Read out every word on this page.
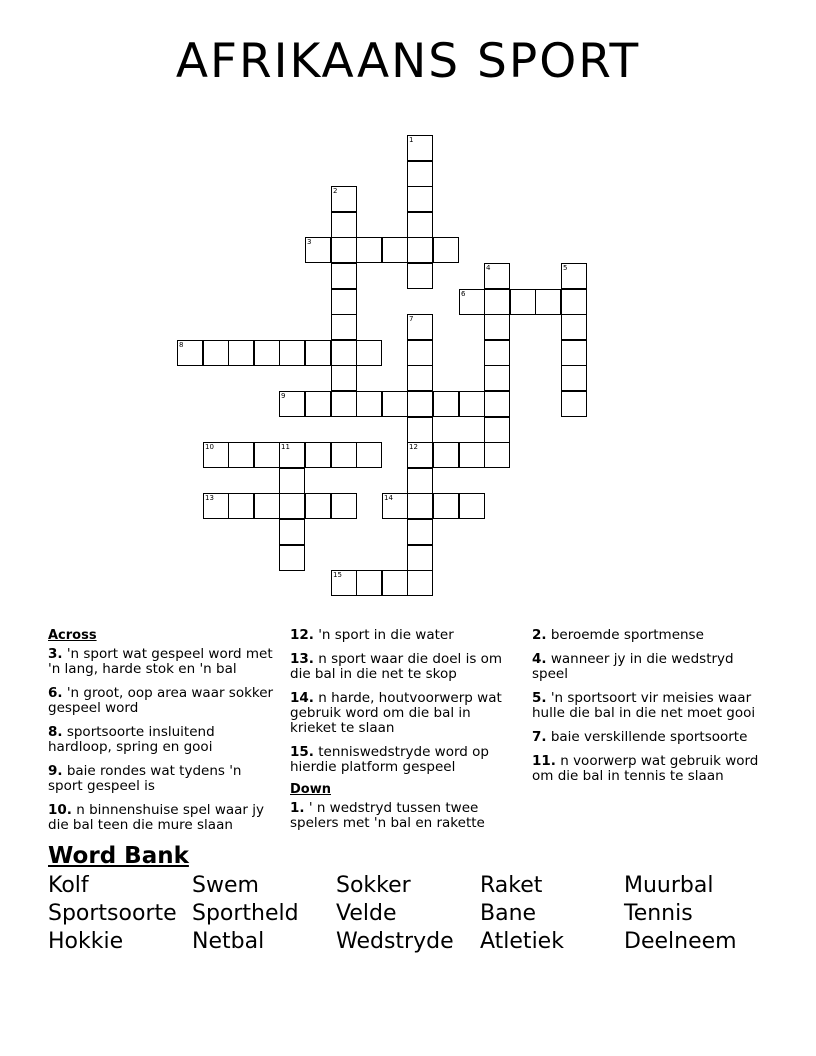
AFRIKAANS SPORT
1
2
3
4	5
6
7
12
8
9
10	11
13	14
15
Across
3. 'n sport wat gespeel word met 'n lang, harde stok en 'n bal
6. 'n groot, oop area waar sokker gespeel word
8. sportsoorte insluitend hardloop, spring en gooi
9. baie rondes wat tydens 'n sport gespeel is
10. n binnenshuise spel waar jy die bal teen die mure slaan
12. 'n sport in die water
13. n sport waar die doel is om die bal in die net te skop
14. n harde, houtvoorwerp wat gebruik word om die bal in krieket te slaan
15. tenniswedstryde word op hierdie platform gespeel
Down
1. ' n wedstryd tussen twee spelers met 'n bal en rakette
2. beroemde sportmense
4. wanneer jy in die wedstryd speel
5. 'n sportsoort vir meisies waar hulle die bal in die net moet gooi
7. baie verskillende sportsoorte
11. n voorwerp wat gebruik word om die bal in tennis te slaan
Word Bank
Kolf
Sportsoorte
Hokkie
Swem
Sportheld
Netbal
Sokker
Velde
Wedstryde
Raket
Bane
Atletiek
Muurbal
Tennis
Deelneem
